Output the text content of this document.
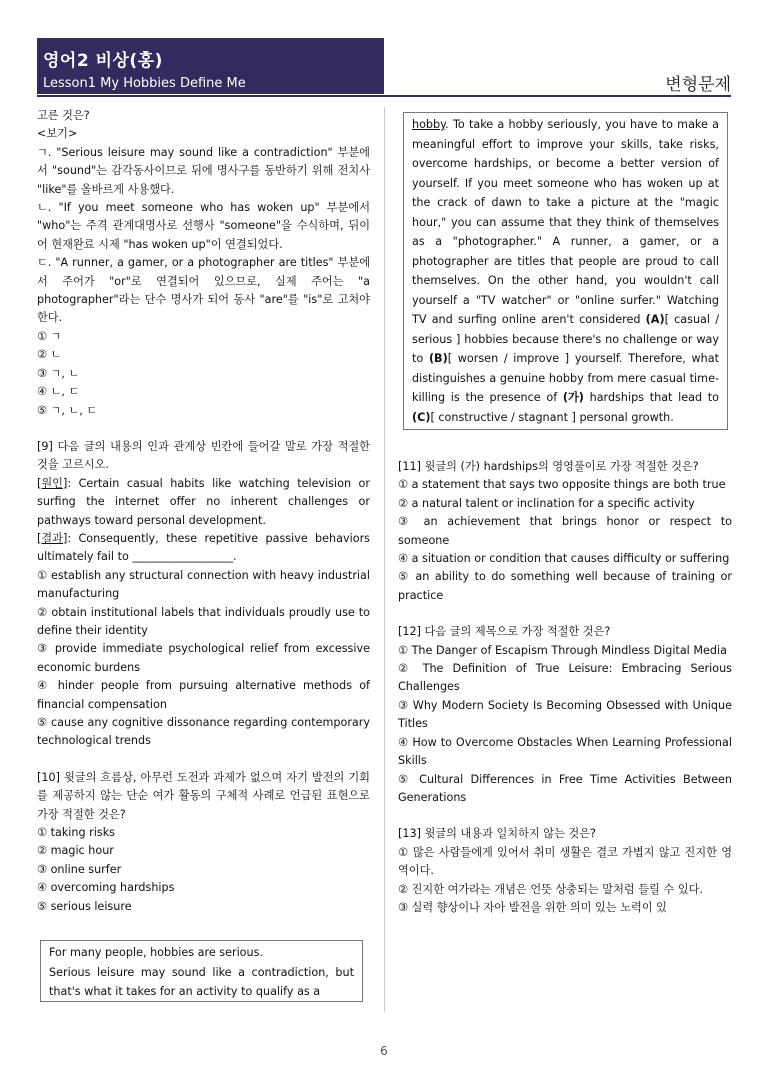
영어2 비상(홍)
Lesson1 My Hobbies Define Me	변형문제

고른 것은?

<보기>

ㄱ. "Serious leisure may sound like a contradiction" 부분에서 "sound"는 감각동사이므로 뒤에 명사구를 동반하기 위해 전치사 "like"를 올바르게 사용했다.

ㄴ. "If you meet someone who has woken up" 부분에서 "who"는 주격 관계대명사로 선행사 "someone"을 수식하며, 뒤이어 현재완료 시제 "has woken up"이 연결되었다.

ㄷ. "A runner, a gamer, or a photographer are titles" 부분에서 주어가 "or"로 연결되어 있으므로, 실제 주어는 "a photographer"라는 단수 명사가 되어 동사 "are"를 "is"로 고쳐야 한다.

① ㄱ

② ㄴ

③ ㄱ, ㄴ

④ ㄴ, ㄷ

⑤ ㄱ, ㄴ, ㄷ

[9] 다음 글의 내용의 인과 관계상 빈칸에 들어갈 말로 가장 적절한 것을 고르시오.

[원인]: Certain casual habits like watching television or surfing the internet offer no inherent challenges or pathways toward personal development.

[결과]: Consequently, these repetitive passive behaviors ultimately fail to __________________.

① establish any structural connection with heavy industrial manufacturing

② obtain institutional labels that individuals proudly use to define their identity

③ provide immediate psychological relief from excessive economic burdens

④ hinder people from pursuing alternative methods of financial compensation

⑤ cause any cognitive dissonance regarding contemporary technological trends

[10] 윗글의 흐름상, 아무런 도전과 과제가 없으며 자기 발전의 기회를 제공하지 않는 단순 여가 활동의 구체적 사례로 언급된 표현으로 가장 적절한 것은?

① taking risks

② magic hour

③ online surfer

④ overcoming hardships

⑤ serious leisure

For many people, hobbies are serious.
Serious leisure may sound like a contradiction, but that's what it takes for an activity to qualify as a
hobby. To take a hobby seriously, you have to make a meaningful effort to improve your skills, take risks, overcome hardships, or become a better version of yourself. If you meet someone who has woken up at the crack of dawn to take a picture at the "magic hour," you can assume that they think of themselves as a "photographer." A runner, a gamer, or a photographer are titles that people are proud to call themselves. On the other hand, you wouldn't call yourself a "TV watcher" or "online surfer." Watching TV and surfing online aren't considered (A)[ casual / serious ] hobbies because there's no challenge or way to (B)[ worsen / improve ] yourself. Therefore, what distinguishes a genuine hobby from mere casual time-killing is the presence of (가) hardships that lead to (C)[ constructive / stagnant ] personal growth.

[11] 윗글의 (가) hardships의 영영풀이로 가장 적절한 것은?

① a statement that says two opposite things are both true

② a natural talent or inclination for a specific activity

③ an achievement that brings honor or respect to someone

④ a situation or condition that causes difficulty or suffering

⑤ an ability to do something well because of training or practice

[12] 다음 글의 제목으로 가장 적절한 것은?

① The Danger of Escapism Through Mindless Digital Media

② The Definition of True Leisure: Embracing Serious Challenges

③ Why Modern Society Is Becoming Obsessed with Unique Titles

④ How to Overcome Obstacles When Learning Professional Skills

⑤ Cultural Differences in Free Time Activities Between Generations

[13] 윗글의 내용과 일치하지 않는 것은?

① 많은 사람들에게 있어서 취미 생활은 결코 가볍지 않고 진지한 영역이다.

② 진지한 여가라는 개념은 언뜻 상충되는 말처럼 들릴 수 있다.

③ 실력 향상이나 자아 발전을 위한 의미 있는 노력이 있

6
